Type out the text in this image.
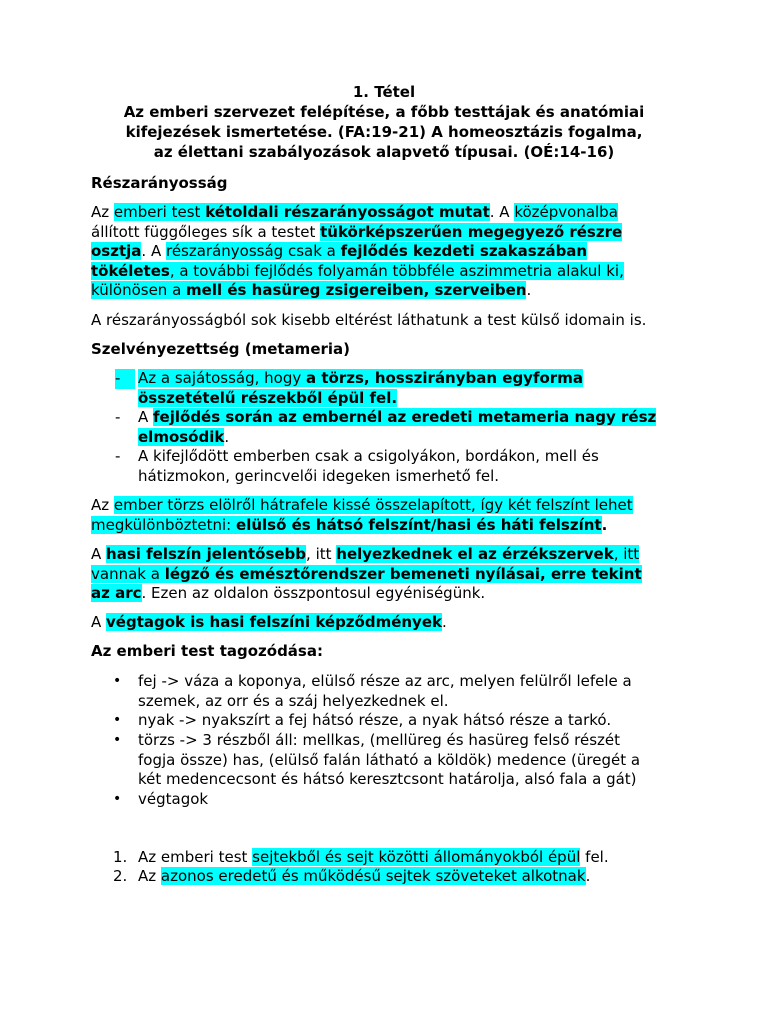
1. Tétel
Az emberi szervezet felépítése, a főbb testtájak és anatómiai
kifejezések ismertetése. (FA:19-21) A homeosztázis fogalma,
az élettani szabályozások alapvető típusai. (OÉ:14-16)
Részarányosság
Az emberi test kétoldali részarányosságot mutat. A középvonalba
állított függőleges sík a testet tükörképszerűen megegyező részre
osztja. A részarányosság csak a fejlődés kezdeti szakaszában
tökéletes, a további fejlődés folyamán többféle aszimmetria alakul ki,
különösen a mell és hasüreg zsigereiben, szerveiben.
A részarányosságból sok kisebb eltérést láthatunk a test külső idomain is.
Szelvényezettség (metameria)
-	Az a sajátosság, hogy a törzs, hosszirányban egyforma
összetételű részekből épül fel.
-	A fejlődés során az embernél az eredeti metameria nagy rész
elmosódik.
-	A kifejlődött emberben csak a csigolyákon, bordákon, mell és
hátizmokon, gerincvelői idegeken ismerhető fel.
Az ember törzs elölről hátrafele kissé összelapított, így két felszínt lehet
megkülönböztetni: elülső és hátsó felszínt/hasi és háti felszínt.
A hasi felszín jelentősebb, itt helyezkednek el az érzékszervek, itt
vannak a légző és emésztőrendszer bemeneti nyílásai, erre tekint
az arc. Ezen az oldalon összpontosul egyéniségünk.
A végtagok is hasi felszíni képződmények.
Az emberi test tagozódása:
• fej -> váza a koponya, elülső része az arc, melyen felülről lefele a
szemek, az orr és a száj helyezkednek el.
• nyak -> nyakszírt a fej hátsó része, a nyak hátsó része a tarkó.
• törzs -> 3 részből áll: mellkas, (mellüreg és hasüreg felső részét
fogja össze) has, (elülső falán látható a köldök) medence (üregét a
két medencecsont és hátsó keresztcsont határolja, alsó fala a gát)
• végtagok
1. Az emberi test sejtekből és sejt közötti állományokból épül fel.
2. Az azonos eredetű és működésű sejtek szöveteket alkotnak.
